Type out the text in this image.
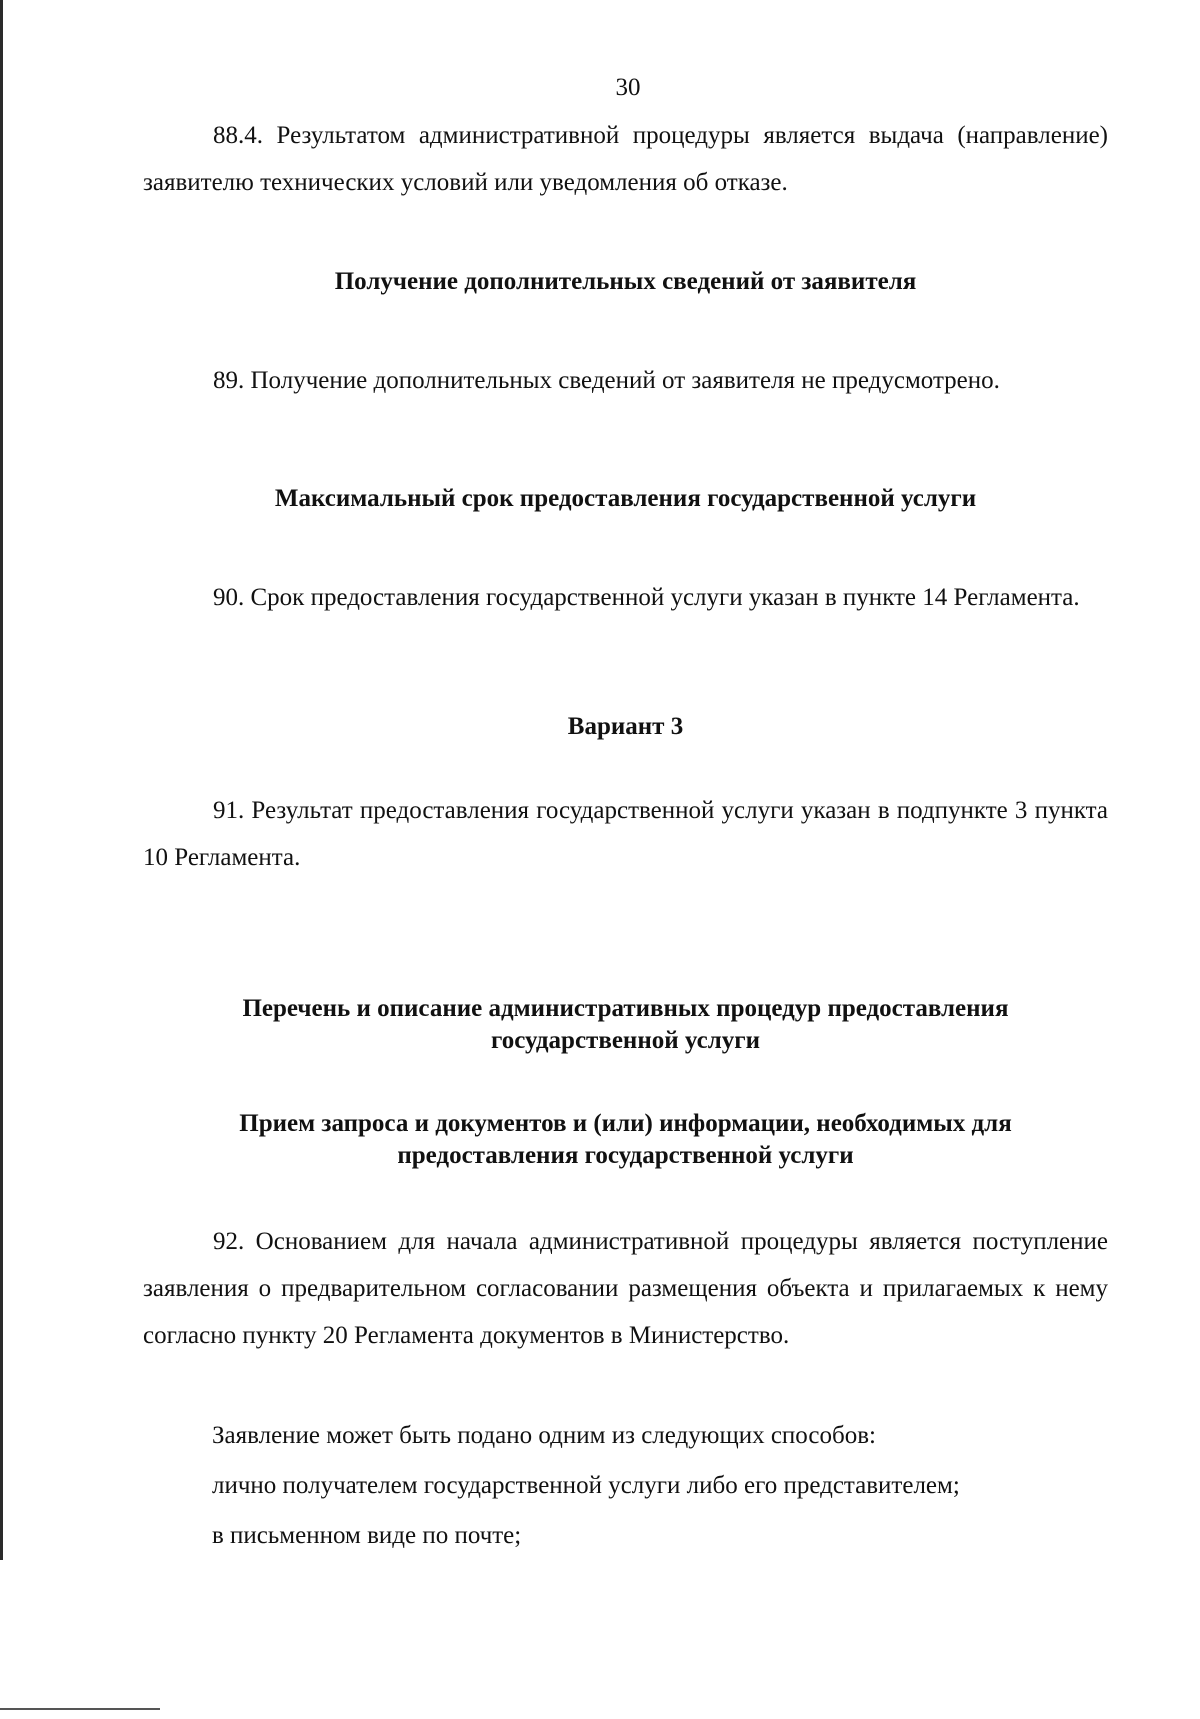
30

88.4. Результатом административной процедуры является выдача (направление) заявителю технических условий или уведомления об отказе.

Получение дополнительных сведений от заявителя

89. Получение дополнительных сведений от заявителя не предусмотрено.

Максимальный срок предоставления государственной услуги

90. Срок предоставления государственной услуги указан в пункте 14 Регламента.

Вариант 3

91. Результат предоставления государственной услуги указан в подпункте 3 пункта 10 Регламента.

Перечень и описание административных процедур предоставления
государственной услуги
Прием запроса и документов и (или) информации, необходимых для
предоставления государственной услуги

92. Основанием для начала административной процедуры является поступление заявления о предварительном согласовании размещения объекта и прилагаемых к нему согласно пункту 20 Регламента документов в Министерство.

Заявление может быть подано одним из следующих способов:

лично получателем государственной услуги либо его представителем;

в письменном виде по почте;
